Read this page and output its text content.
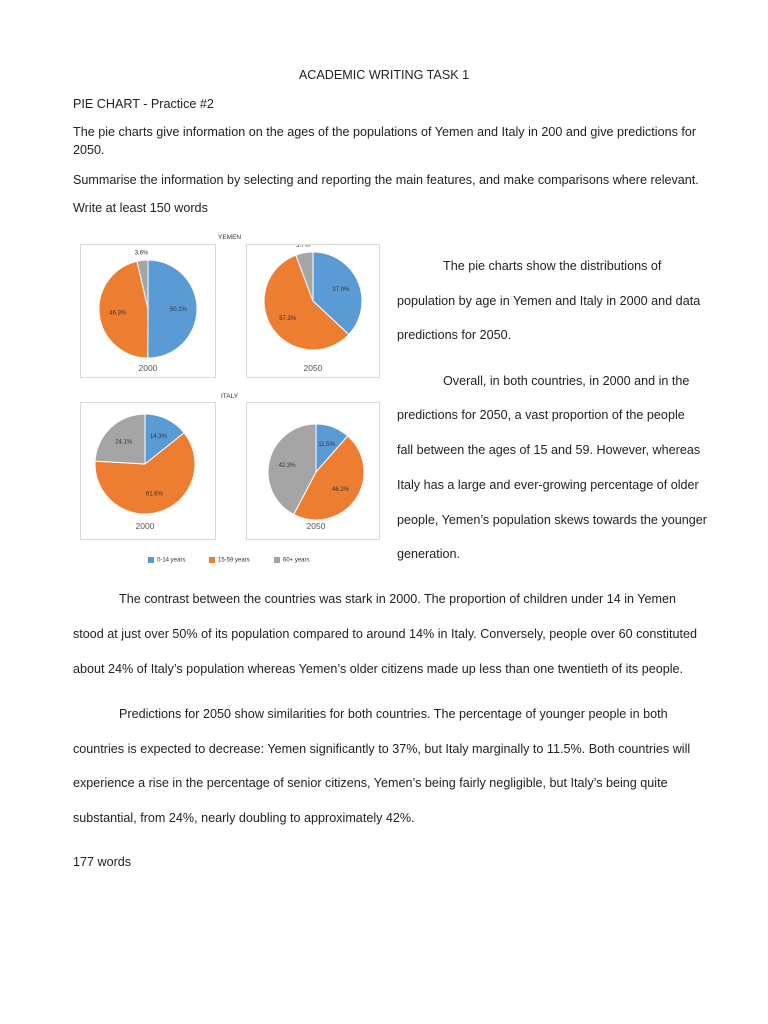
ACADEMIC WRITING TASK 1
PIE CHART - Practice #2
The pie charts give information on the ages of the populations of Yemen and Italy in 200 and give predictions for
2050.
Summarise the information by selecting and reporting the main features, and make comparisons where relevant.
Write at least 150 words
YEMEN
ITALY
50.1%
46.3%
3.6%
2000
37.0%
57.3%
5.7%
2050
14.3%
61.6%
24.1%
2000
11.5%
46.2%
42.3%
2050
0-14 years	15-59 years	60+ years
The pie charts show the distributions of
population by age in Yemen and Italy in 2000 and data
predictions for 2050.
Overall, in both countries, in 2000 and in the
predictions for 2050, a vast proportion of the people
fall between the ages of 15 and 59. However, whereas
Italy has a large and ever-growing percentage of older
people, Yemen’s population skews towards the younger
generation.
The contrast between the countries was stark in 2000. The proportion of children under 14 in Yemen
stood at just over 50% of its population compared to around 14% in Italy. Conversely, people over 60 constituted
about 24% of Italy’s population whereas Yemen’s older citizens made up less than one twentieth of its people.
Predictions for 2050 show similarities for both countries. The percentage of younger people in both
countries is expected to decrease: Yemen significantly to 37%, but Italy marginally to 11.5%. Both countries will
experience a rise in the percentage of senior citizens, Yemen’s being fairly negligible, but Italy’s being quite
substantial, from 24%, nearly doubling to approximately 42%.
177 words
